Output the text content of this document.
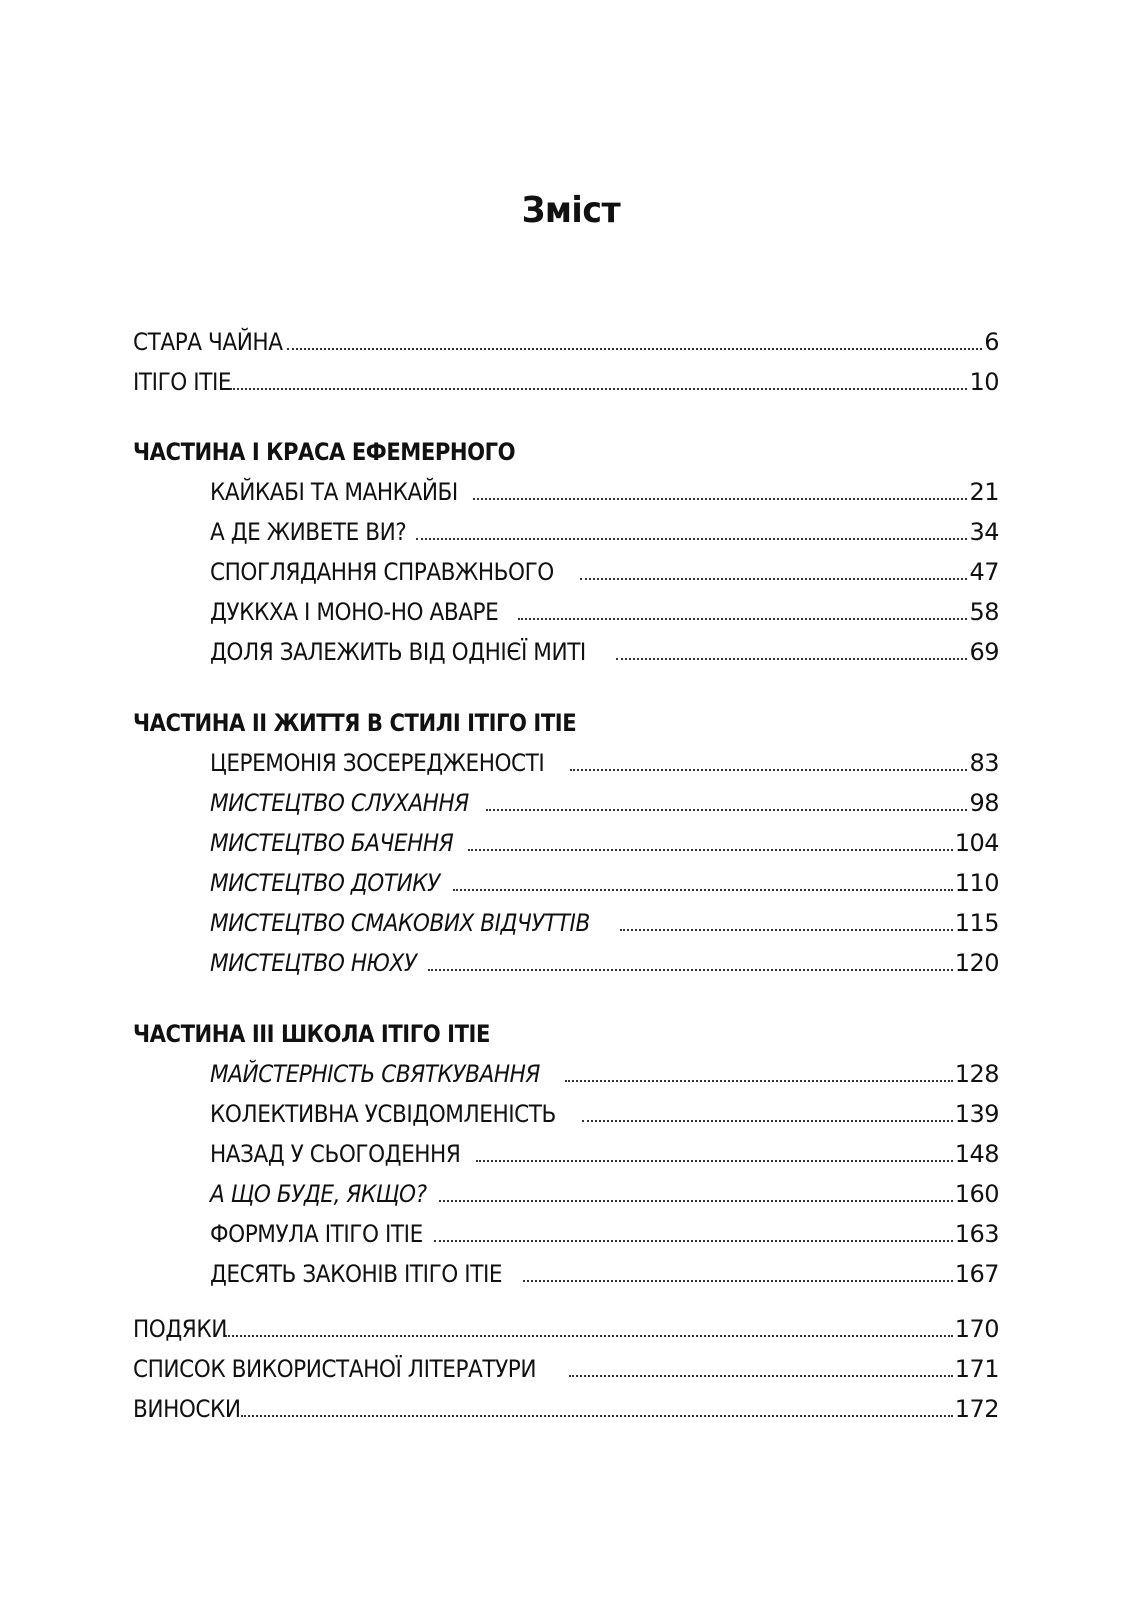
Зміст
СТАРА ЧАЙНА	6
ІТІГО ІТІЕ	10
ЧАСТИНА І КРАСА ЕФЕМЕРНОГО
КАЙКАБІ ТА МАНКАЙБІ	21
А ДЕ ЖИВЕТЕ ВИ?	34
СПОГЛЯДАННЯ СПРАВЖНЬОГО	47
ДУККХА І МОНО-НО АВАРЕ	58
ДОЛЯ ЗАЛЕЖИТЬ ВІД ОДНІЄЇ МИТІ	69
ЧАСТИНА ІІ ЖИТТЯ В СТИЛІ ІТІГО ІТІЕ
ЦЕРЕМОНІЯ ЗОСЕРЕДЖЕНОСТІ	83
МИСТЕЦТВО СЛУХАННЯ	98
МИСТЕЦТВО БАЧЕННЯ	104
МИСТЕЦТВО ДОТИКУ	110
МИСТЕЦТВО СМАКОВИХ ВІДЧУТТІВ	115
МИСТЕЦТВО НЮХУ	120
ЧАСТИНА ІІІ ШКОЛА ІТІГО ІТІЕ
МАЙСТЕРНІСТЬ СВЯТКУВАННЯ	128
КОЛЕКТИВНА УСВІДОМЛЕНІСТЬ	139
НАЗАД У СЬОГОДЕННЯ	148
А ЩО БУДЕ, ЯКЩО?	160
ФОРМУЛА ІТІГО ІТІЕ	163
ДЕСЯТЬ ЗАКОНІВ ІТІГО ІТІЕ	167
ПОДЯКИ	170
СПИСОК ВИКОРИСТАНОЇ ЛІТЕРАТУРИ	171
ВИНОСКИ	172
